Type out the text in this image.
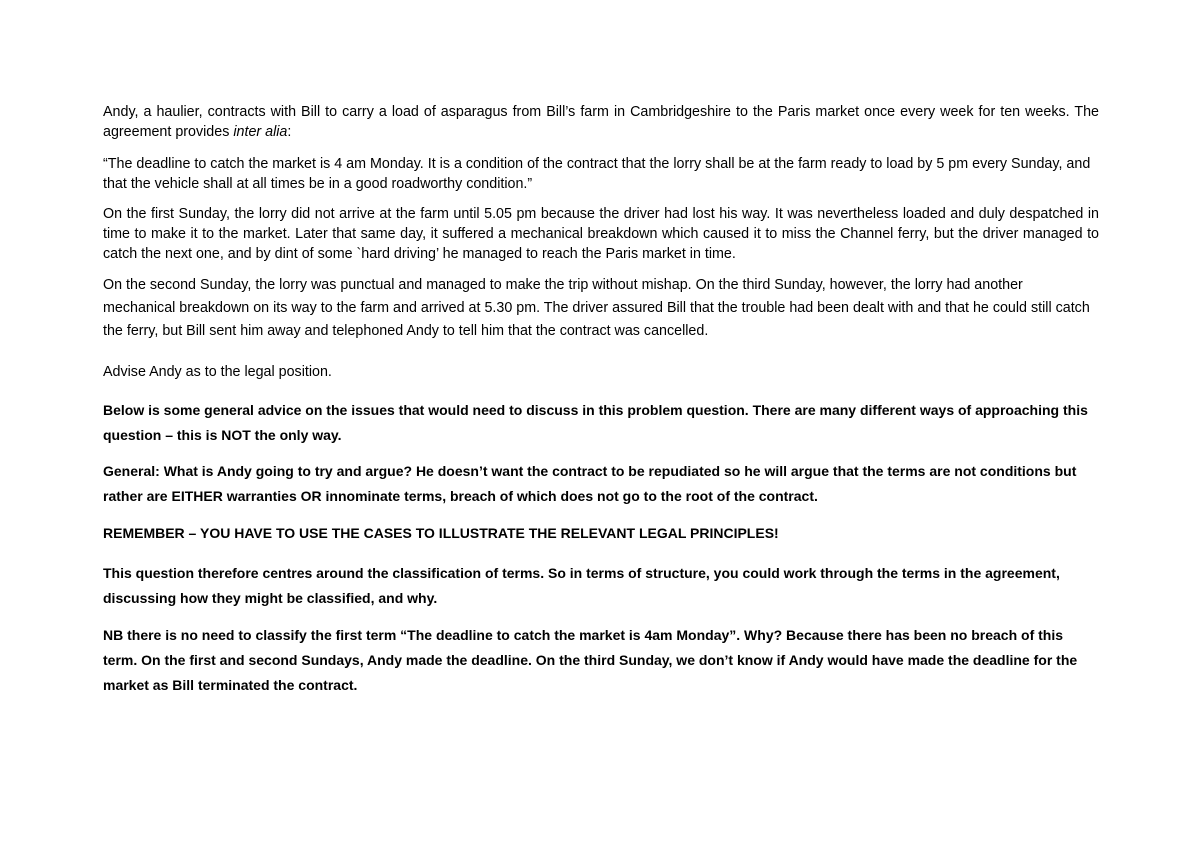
Andy, a haulier, contracts with Bill to carry a load of asparagus from Bill’s farm in Cambridgeshire to the Paris market once every week for ten weeks. The agreement provides inter alia:

“The deadline to catch the market is 4 am Monday. It is a condition of the contract that the lorry shall be at the farm ready to load by 5 pm every Sunday, and that the vehicle shall at all times be in a good roadworthy condition.”

On the first Sunday, the lorry did not arrive at the farm until 5.05 pm because the driver had lost his way. It was nevertheless loaded and duly despatched in time to make it to the market. Later that same day, it suffered a mechanical breakdown which caused it to miss the Channel ferry, but the driver managed to catch the next one, and by dint of some `hard driving’ he managed to reach the Paris market in time.

On the second Sunday, the lorry was punctual and managed to make the trip without mishap. On the third Sunday, however, the lorry had another mechanical breakdown on its way to the farm and arrived at 5.30 pm. The driver assured Bill that the trouble had been dealt with and that he could still catch the ferry, but Bill sent him away and telephoned Andy to tell him that the contract was cancelled.

Advise Andy as to the legal position.

Below is some general advice on the issues that would need to discuss in this problem question. There are many different ways of approaching this question – this is NOT the only way.

General: What is Andy going to try and argue? He doesn’t want the contract to be repudiated so he will argue that the terms are not conditions but rather are EITHER warranties OR innominate terms, breach of which does not go to the root of the contract.

REMEMBER – YOU HAVE TO USE THE CASES TO ILLUSTRATE THE RELEVANT LEGAL PRINCIPLES!

This question therefore centres around the classification of terms. So in terms of structure, you could work through the terms in the agreement, discussing how they might be classified, and why.

NB there is no need to classify the first term “The deadline to catch the market is 4am Monday”. Why? Because there has been no breach of this term. On the first and second Sundays, Andy made the deadline. On the third Sunday, we don’t know if Andy would have made the deadline for the market as Bill terminated the contract.
